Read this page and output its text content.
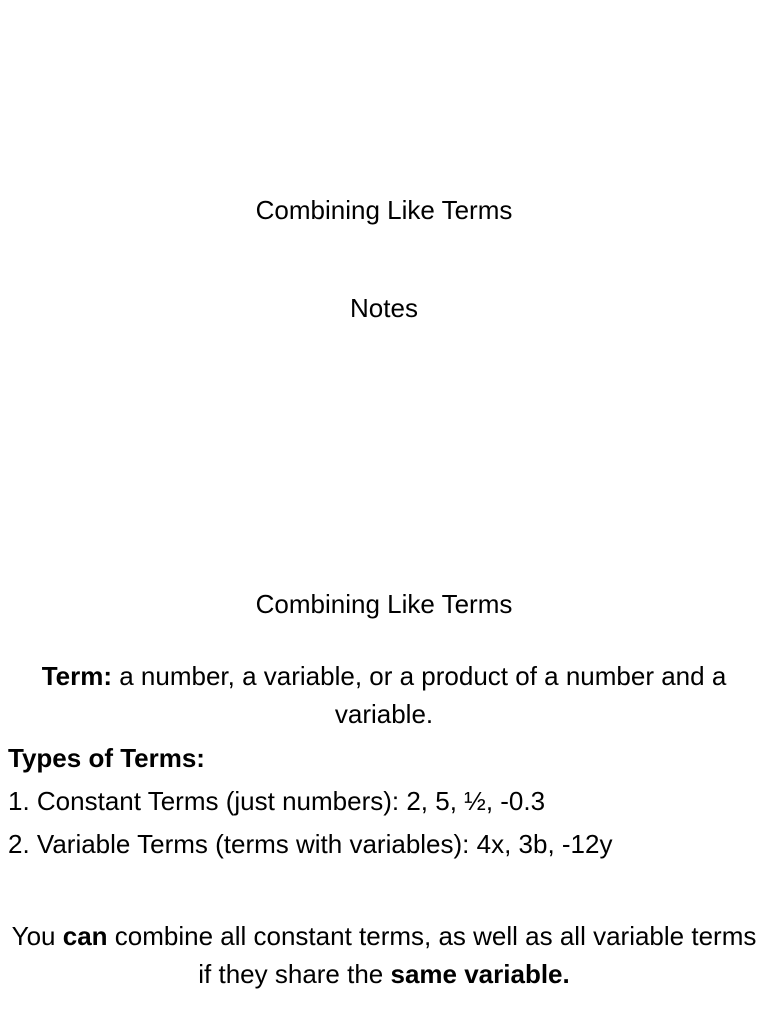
Combining Like Terms

Notes

Combining Like Terms

Term: a number, a variable, or a product of a number and a variable.

Types of Terms:

1. Constant Terms (just numbers): 2, 5, ½, -0.3

2. Variable Terms (terms with variables): 4x, 3b, -12y

You can combine all constant terms, as well as all variable terms if they share the same variable.
